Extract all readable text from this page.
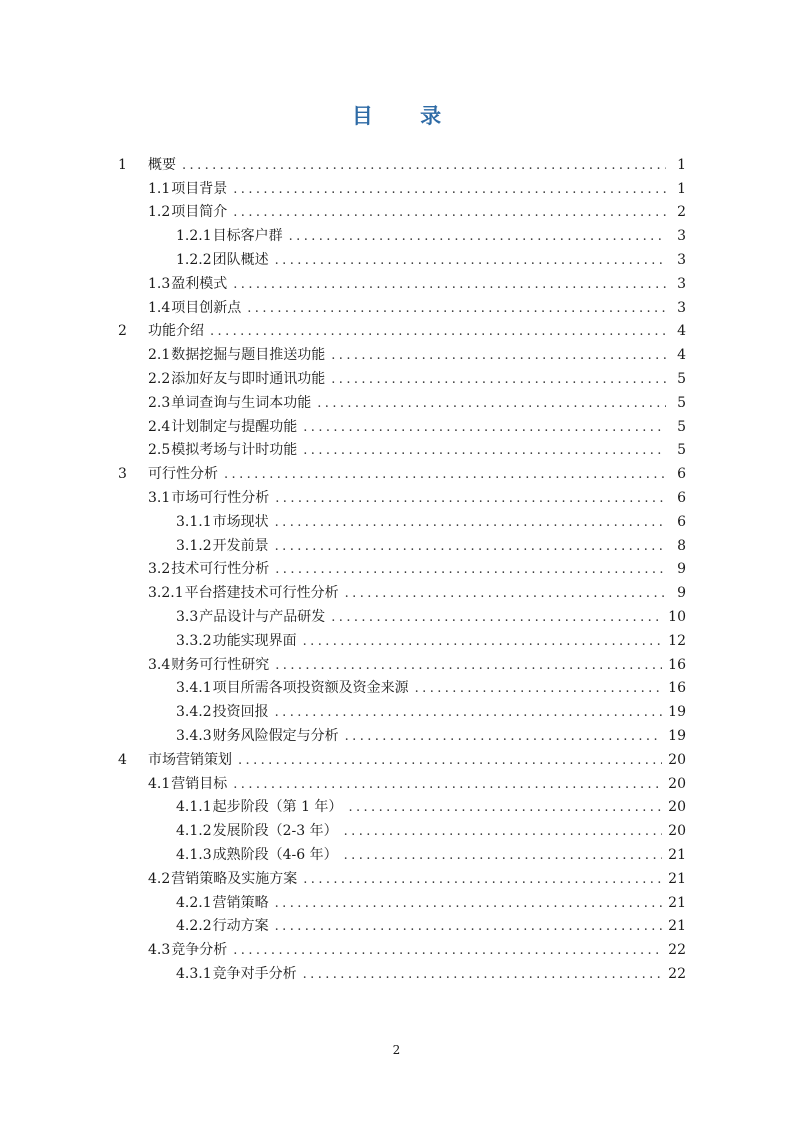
目 录
1	概要 .....	1
1.1 项目背景 .....	1
1.2 项目简介 .....	2
1.2.1 目标客户群 .....	3
1.2.2 团队概述 .....	3
1.3 盈利模式 .....	3
1.4 项目创新点 .....	3
2	功能介绍 .....	4
2.1 数据挖掘与题目推送功能 .....	4
2.2 添加好友与即时通讯功能 .....	5
2.3 单词查询与生词本功能 .....	5
2.4 计划制定与提醒功能 .....	5
2.5 模拟考场与计时功能 .....	5
3	可行性分析 .....	6
3.1 市场可行性分析 .....	6
3.1.1 市场现状 .....	6
3.1.2 开发前景 .....	8
3.2 技术可行性分析 .....	9
3.2.1 平台搭建技术可行性分析 .....	9
3.3 产品设计与产品研发 .....	10
3.3.2 功能实现界面 .....	12
3.4 财务可行性研究 .....	16
3.4.1 项目所需各项投资额及资金来源 .....	16
3.4.2 投资回报 .....	19
3.4.3 财务风险假定与分析 .....	19
4	市场营销策划 .....	20
4.1 营销目标 .....	20
4.1.1 起步阶段（第 1 年） .....	20
4.1.2 发展阶段（2-3 年） .....	20
4.1.3 成熟阶段（4-6 年） .....	21
4.2 营销策略及实施方案 .....	21
4.2.1 营销策略 .....	21
4.2.2 行动方案 .....	21
4.3 竞争分析 .....	22
4.3.1 竞争对手分析 .....	22
2
